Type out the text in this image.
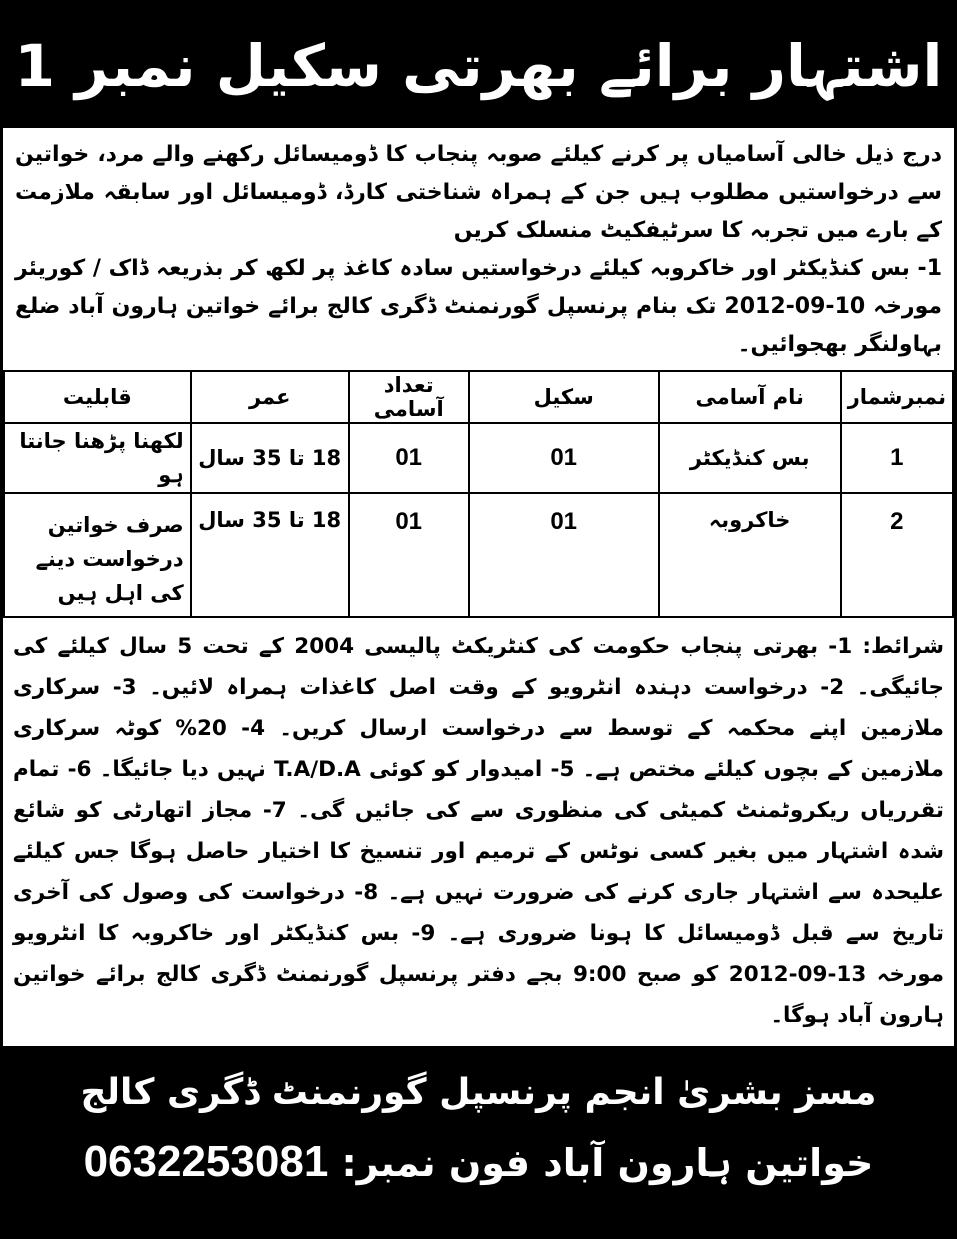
اشتہار برائے بھرتی سکیل نمبر 1

درج ذیل خالی آسامیاں پر کرنے کیلئے صوبہ پنجاب کا ڈومیسائل رکھنے والے مرد، خواتین سے درخواستیں مطلوب ہیں جن کے ہمراہ شناختی کارڈ، ڈومیسائل اور سابقہ ملازمت کے بارے میں تجربہ کا سرٹیفکیٹ منسلک کریں

1- بس کنڈیکٹر اور خاکروبہ کیلئے درخواستیں سادہ کاغذ پر لکھ کر بذریعہ ڈاک / کوریئر مورخہ 10-09-2012 تک بنام پرنسپل گورنمنٹ ڈگری کالج برائے خواتین ہارون آباد ضلع بہاولنگر بھجوائیں۔

نمبرشمار	نام آسامی	سکیل	تعداد آسامی	عمر	قابلیت
1	بس کنڈیکٹر	01	01	18 تا 35 سال	لکھنا پڑھنا جانتا ہو
2	خاکروبہ	01	01	18 تا 35 سال	صرف خواتین درخواست دینے کی اہل ہیں

شرائط: 1- بھرتی پنجاب حکومت کی کنٹریکٹ پالیسی 2004 کے تحت 5 سال کیلئے کی جائیگی۔ 2- درخواست دہندہ انٹرویو کے وقت اصل کاغذات ہمراہ لائیں۔ 3- سرکاری ملازمین اپنے محکمہ کے توسط سے درخواست ارسال کریں۔ 4- 20% کوٹہ سرکاری ملازمین کے بچوں کیلئے مختص ہے۔ 5- امیدوار کو کوئی T.A/D.A نہیں دیا جائیگا۔ 6- تمام تقرریاں ریکروٹمنٹ کمیٹی کی منظوری سے کی جائیں گی۔ 7- مجاز اتھارٹی کو شائع شدہ اشتہار میں بغیر کسی نوٹس کے ترمیم اور تنسیخ کا اختیار حاصل ہوگا جس کیلئے علیحدہ سے اشتہار جاری کرنے کی ضرورت نہیں ہے۔ 8- درخواست کی وصول کی آخری تاریخ سے قبل ڈومیسائل کا ہونا ضروری ہے۔ 9- بس کنڈیکٹر اور خاکروبہ کا انٹرویو مورخہ 13-09-2012 کو صبح 9:00 بجے دفتر پرنسپل گورنمنٹ ڈگری کالج برائے خواتین ہارون آباد ہوگا۔

مسز بشریٰ انجم پرنسپل گورنمنٹ ڈگری کالج
خواتین ہارون آباد فون نمبر: 0632253081
